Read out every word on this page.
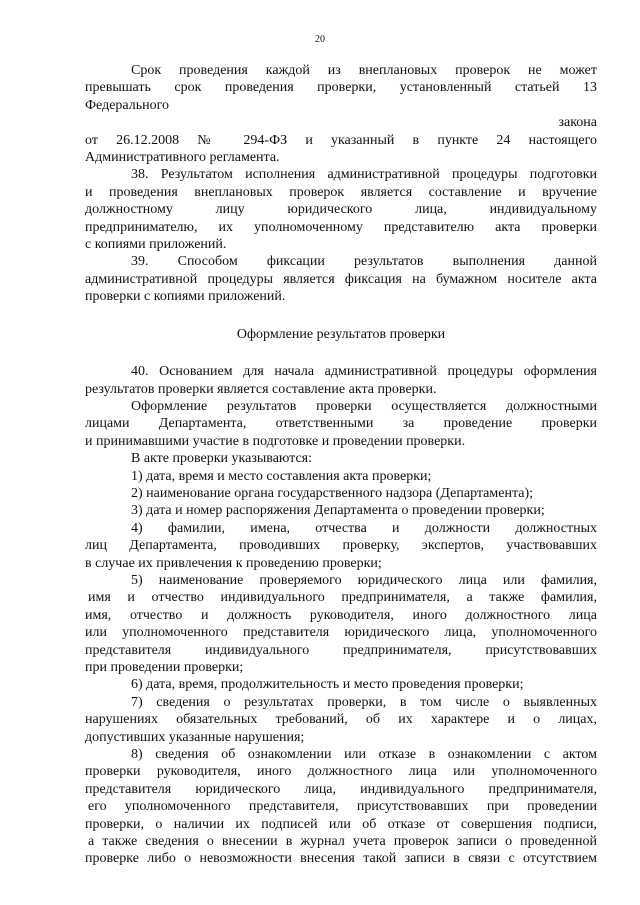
20
Срок проведения каждой из внеплановых проверок не может
превышать срок проведения проверки, установленный статьей 13
Федерального
закона
от 26.12.2008 № 294-ФЗ и указанный в пункте 24 настоящего
Административного регламента.
38. Результатом исполнения административной процедуры подготовки
и проведения внеплановых проверок является составление и вручение
должностному лицу юридического лица, индивидуальному
предпринимателю, их уполномоченному представителю акта проверки
с копиями приложений.
39. Способом фиксации результатов выполнения данной
административной процедуры является фиксация на бумажном носителе акта
проверки с копиями приложений.
Оформление результатов проверки
40. Основанием для начала административной процедуры оформления
результатов проверки является составление акта проверки.
Оформление результатов проверки осуществляется должностными
лицами Департамента, ответственными за проведение проверки
и принимавшими участие в подготовке и проведении проверки.
В акте проверки указываются:
1) дата, время и место составления акта проверки;
2) наименование органа государственного надзора (Департамента);
3) дата и номер распоряжения Департамента о проведении проверки;
4) фамилии, имена, отчества и должности должностных
лиц Департамента, проводивших проверку, экспертов, участвовавших
в случае их привлечения к проведению проверки;
5) наименование проверяемого юридического лица или фамилия,
имя и отчество индивидуального предпринимателя, а также фамилия,
имя, отчество и должность руководителя, иного должностного лица
или уполномоченного представителя юридического лица, уполномоченного
представителя индивидуального предпринимателя, присутствовавших
при проведении проверки;
6) дата, время, продолжительность и место проведения проверки;
7) сведения о результатах проверки, в том числе о выявленных
нарушениях обязательных требований, об их характере и о лицах,
допустивших указанные нарушения;
8) сведения об ознакомлении или отказе в ознакомлении с актом
проверки руководителя, иного должностного лица или уполномоченного
представителя юридического лица, индивидуального предпринимателя,
его уполномоченного представителя, присутствовавших при проведении
проверки, о наличии их подписей или об отказе от совершения подписи,
а также сведения о внесении в журнал учета проверок записи о проведенной
проверке либо о невозможности внесения такой записи в связи с отсутствием
